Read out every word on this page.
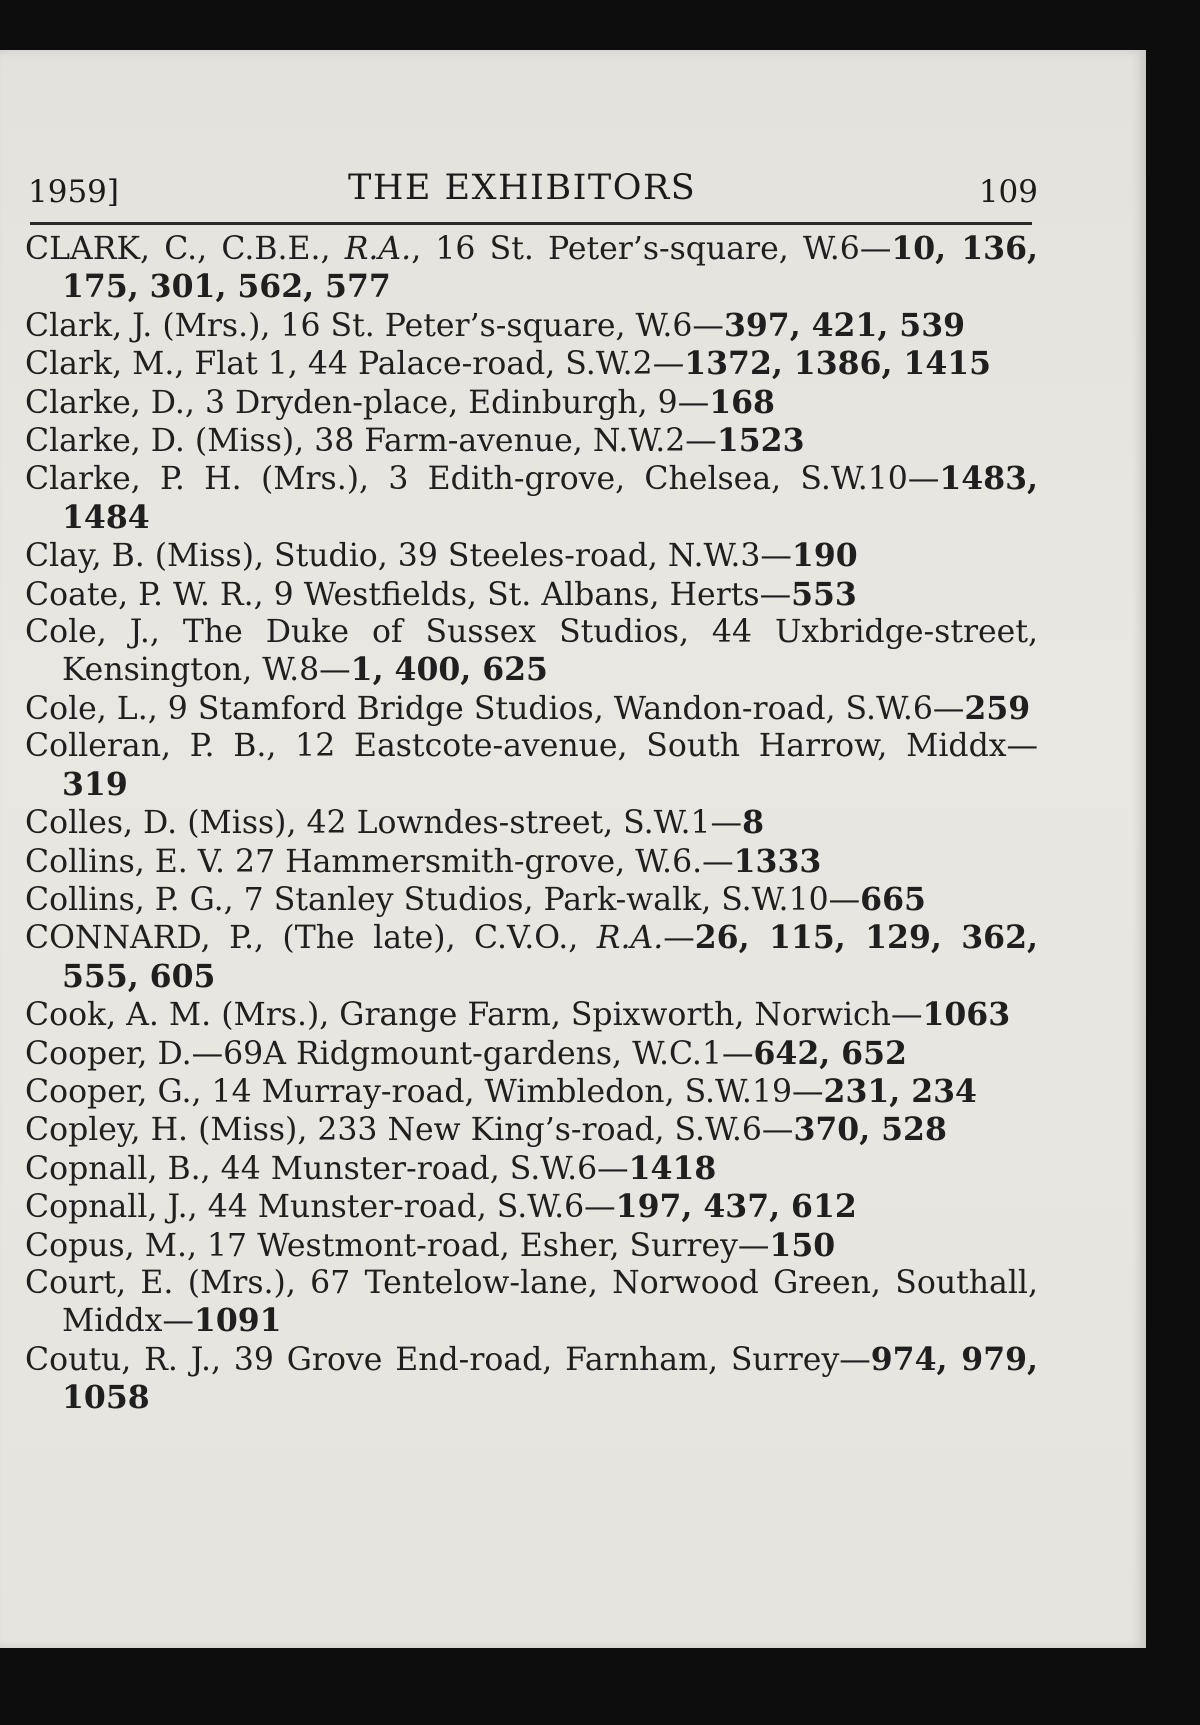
1959]	THE EXHIBITORS	109
CLARK, C., C.B.E., R.A., 16 St. Peter’s-square, W.6—10, 136, 175, 301, 562, 577
Clark, J. (Mrs.), 16 St. Peter’s-square, W.6—397, 421, 539
Clark, M., Flat 1, 44 Palace-road, S.W.2—1372, 1386, 1415
Clarke, D., 3 Dryden-place, Edinburgh, 9—168
Clarke, D. (Miss), 38 Farm-avenue, N.W.2—1523
Clarke, P. H. (Mrs.), 3 Edith-grove, Chelsea, S.W.10—1483, 1484
Clay, B. (Miss), Studio, 39 Steeles-road, N.W.3—190
Coate, P. W. R., 9 Westfields, St. Albans, Herts—553
Cole, J., The Duke of Sussex Studios, 44 Uxbridge-street, Kensington, W.8—1, 400, 625
Cole, L., 9 Stamford Bridge Studios, Wandon-road, S.W.6—259
Colleran, P. B., 12 Eastcote-avenue, South Harrow, Middx—319
Colles, D. (Miss), 42 Lowndes-street, S.W.1—8
Collins, E. V. 27 Hammersmith-grove, W.6.—1333
Collins, P. G., 7 Stanley Studios, Park-walk, S.W.10—665
CONNARD, P., (The late), C.V.O., R.A.—26, 115, 129, 362, 555, 605
Cook, A. M. (Mrs.), Grange Farm, Spixworth, Norwich—1063
Cooper, D.—69A Ridgmount-gardens, W.C.1—642, 652
Cooper, G., 14 Murray-road, Wimbledon, S.W.19—231, 234
Copley, H. (Miss), 233 New King’s-road, S.W.6—370, 528
Copnall, B., 44 Munster-road, S.W.6—1418
Copnall, J., 44 Munster-road, S.W.6—197, 437, 612
Copus, M., 17 Westmont-road, Esher, Surrey—150
Court, E. (Mrs.), 67 Tentelow-lane, Norwood Green, Southall, Middx—1091
Coutu, R. J., 39 Grove End-road, Farnham, Surrey—974, 979, 1058
